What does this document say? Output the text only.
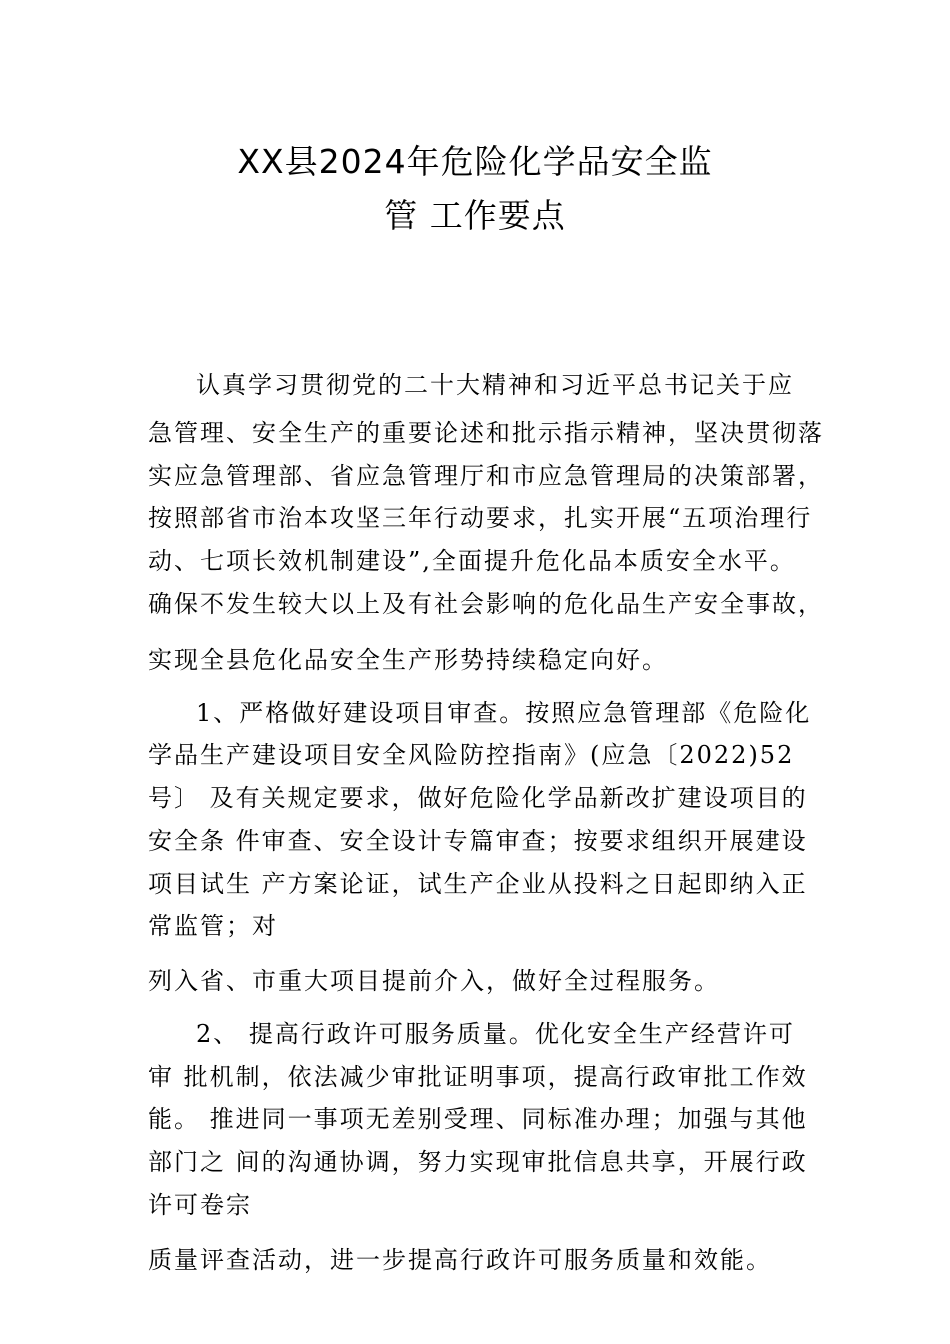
XX县2024年危险化学品安全监
管 工作要点
认真学习贯彻党的二十大精神和习近平总书记关于应
急管理、安全生产的重要论述和批示指示精神，坚决贯彻落
实应急管理部、省应急管理厅和市应急管理局的决策部署，
按照部省市治本攻坚三年行动要求，扎实开展“五项治理行
动、七项长效机制建设”,全面提升危化品本质安全水平。
确保不发生较大以上及有社会影响的危化品生产安全事故，
实现全县危化品安全生产形势持续稳定向好。
1、严格做好建设项目审查。按照应急管理部《危险化
学品生产建设项目安全风险防控指南》(应急〔2022)52
号〕 及有关规定要求，做好危险化学品新改扩建设项目的
安全条 件审查、安全设计专篇审查；按要求组织开展建设
项目试生 产方案论证，试生产企业从投料之日起即纳入正
常监管；对
列入省、市重大项目提前介入，做好全过程服务。
2、 提高行政许可服务质量。优化安全生产经营许可
审 批机制，依法减少审批证明事项，提高行政审批工作效
能。 推进同一事项无差别受理、同标准办理；加强与其他
部门之 间的沟通协调，努力实现审批信息共享，开展行政
许可卷宗
质量评查活动，进一步提高行政许可服务质量和效能。
